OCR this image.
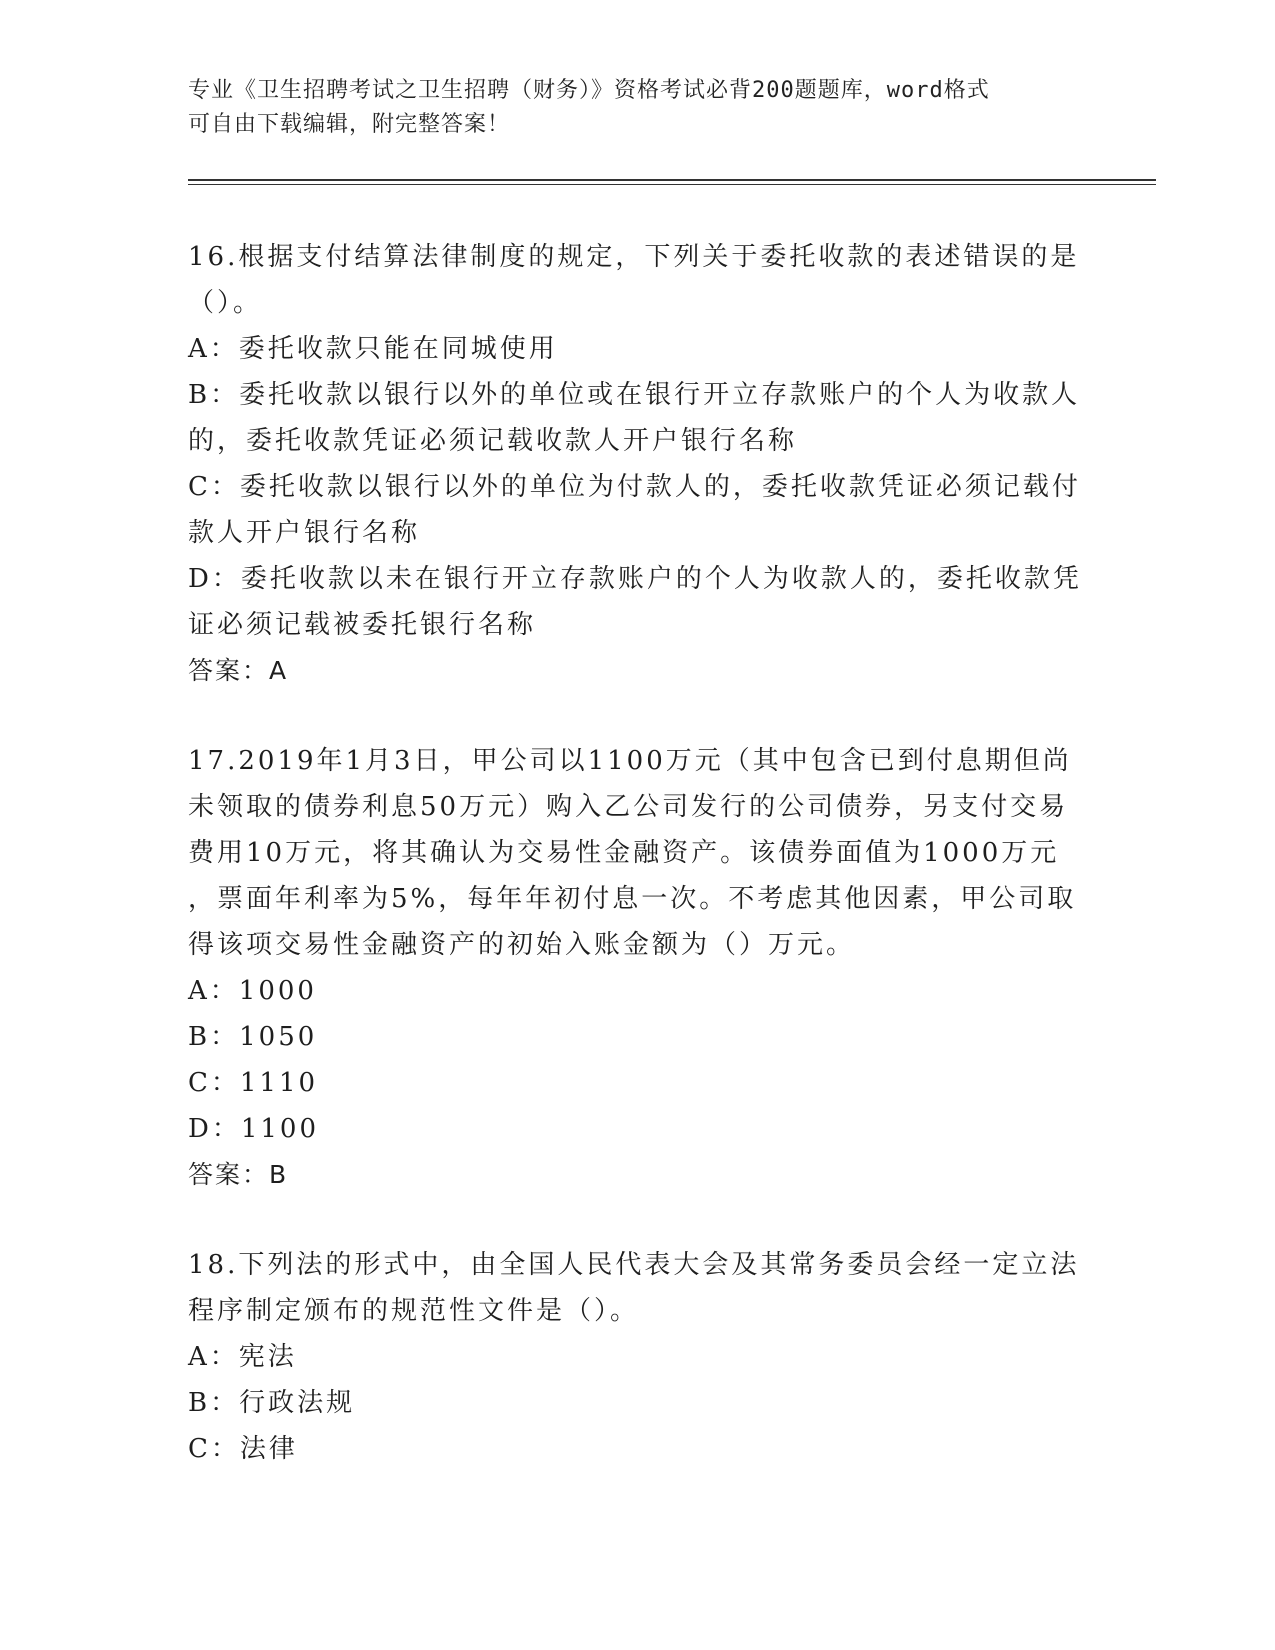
专业《卫生招聘考试之卫生招聘（财务）》资格考试必背200题题库，word格式
可自由下载编辑，附完整答案！
16.根据支付结算法律制度的规定，下列关于委托收款的表述错误的是
（）。
A：委托收款只能在同城使用
B：委托收款以银行以外的单位或在银行开立存款账户的个人为收款人
的，委托收款凭证必须记载收款人开户银行名称
C：委托收款以银行以外的单位为付款人的，委托收款凭证必须记载付
款人开户银行名称
D：委托收款以未在银行开立存款账户的个人为收款人的，委托收款凭
证必须记载被委托银行名称
答案：A
17.2019年1月3日，甲公司以1100万元（其中包含已到付息期但尚
未领取的债券利息50万元）购入乙公司发行的公司债券，另支付交易
费用10万元，将其确认为交易性金融资产。该债券面值为1000万元
，票面年利率为5%，每年年初付息一次。不考虑其他因素，甲公司取
得该项交易性金融资产的初始入账金额为（）万元。
A：1000
B：1050
C：1110
D：1100
答案：B
18.下列法的形式中，由全国人民代表大会及其常务委员会经一定立法
程序制定颁布的规范性文件是（）。
A：宪法
B：行政法规
C：法律
